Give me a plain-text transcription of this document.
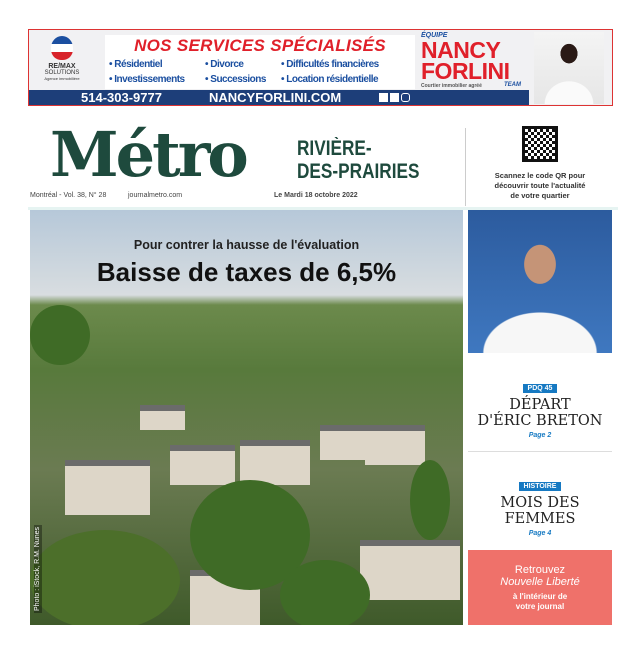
RE/MAX
SOLUTIONS
Agence immobilière
NOS SERVICES SPÉCIALISÉS
• Résidentiel	• Divorce	• Difficultés financières
• Investissements • Successions • Location résidentielle
ÉQUIPE
NANCY
FORLINI
Courtier immobilier agréé	TEAM
514-303-9777	NANCYFORLINI.COM
Métro RIVIÈRE-
DES-PRAIRIES
Montréal - Vol. 38, N° 28	journalmetro.com	Le Mardi 18 octobre 2022
Scannez le code QR pour
découvrir toute l'actualité
de votre quartier
Pour contrer la hausse de l'évaluation
Baisse de taxes de 6,5%
Photo : iStock, R.M. Nunes
PDQ 45
DÉPART
D'ÉRIC BRETON
Page 2
HISTOIRE
MOIS DES
FEMMES
Page 4
Retrouvez
Nouvelle Liberté
à l'intérieur de
votre journal
